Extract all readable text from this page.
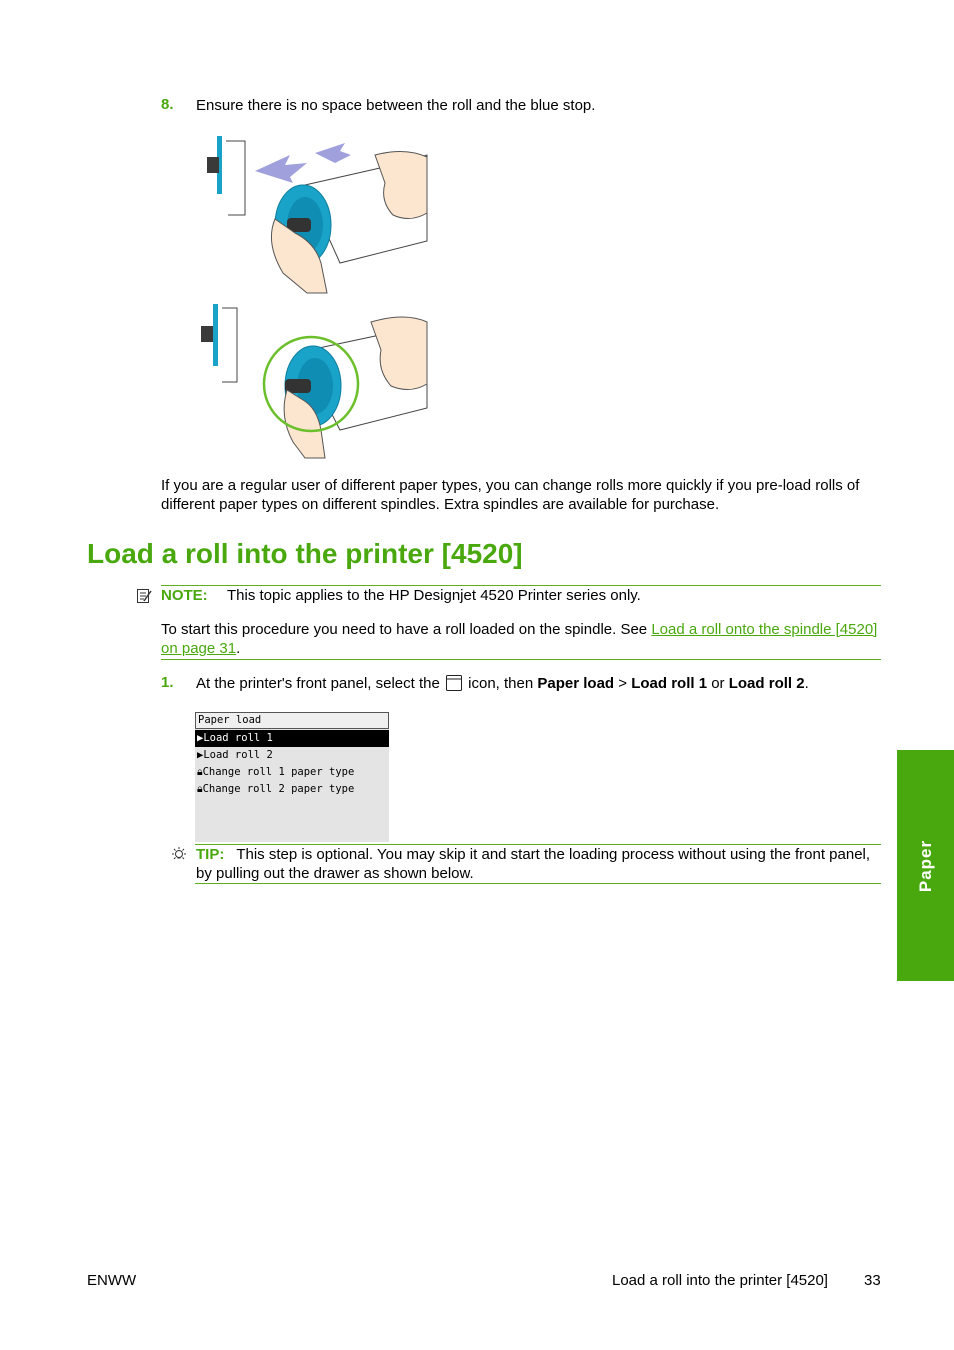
8. Ensure there is no space between the roll and the blue stop.
If you are a regular user of different paper types, you can change rolls more quickly if you pre-load rolls of different paper types on different spindles. Extra spindles are available for purchase.
Load a roll into the printer [4520]
NOTE: This topic applies to the HP Designjet 4520 Printer series only.
To start this procedure you need to have a roll loaded on the spindle. See Load a roll onto the spindle [4520] on page 31.
1. At the printer's front panel, select the  icon, then Paper load > Load roll 1 or Load roll 2.
Paper load
▶Load roll 1
▶Load roll 2
🔒︎Change roll 1 paper type
🔒︎Change roll 2 paper type
TIP: This step is optional. You may skip it and start the loading process without using the front panel, by pulling out the drawer as shown below.	Paper
ENWW	Load a roll into the printer [4520] 33
